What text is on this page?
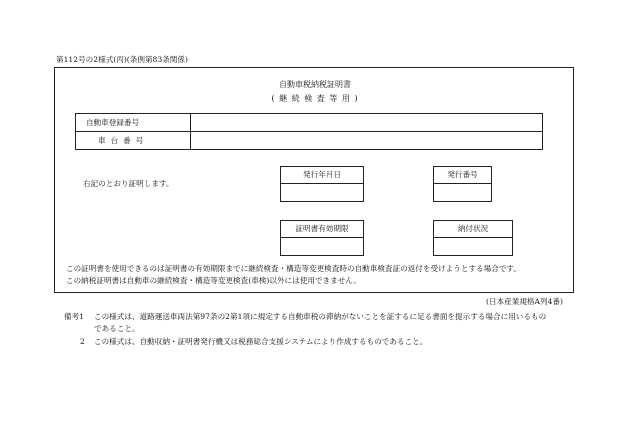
第112号の2様式(丙)(条例第83条関係)
自動車税納税証明書
( 継 続 検 査 等 用 )
自動車登録番号	
車台番号	
右記のとおり証明します。
発行年月日	発行番号
証明書有効期限	納付状況
この証明書を使用できるのは証明書の有効期限までに継続検査・構造等変更検査時の自動車検査証の返付を受けようとする場合です。
この納税証明書は自動車の継続検査・構造等変更検査(車検)以外には使用できません。
(日本産業規格A列4番)
備考1 この様式は、道路運送車両法第97条の2第1項に規定する自動車税の滞納がないことを証するに足る書面を提示する場合に用いるもの
であること。
2 この様式は、自動収納・証明書発行機又は税務総合支援システムにより作成するものであること。
